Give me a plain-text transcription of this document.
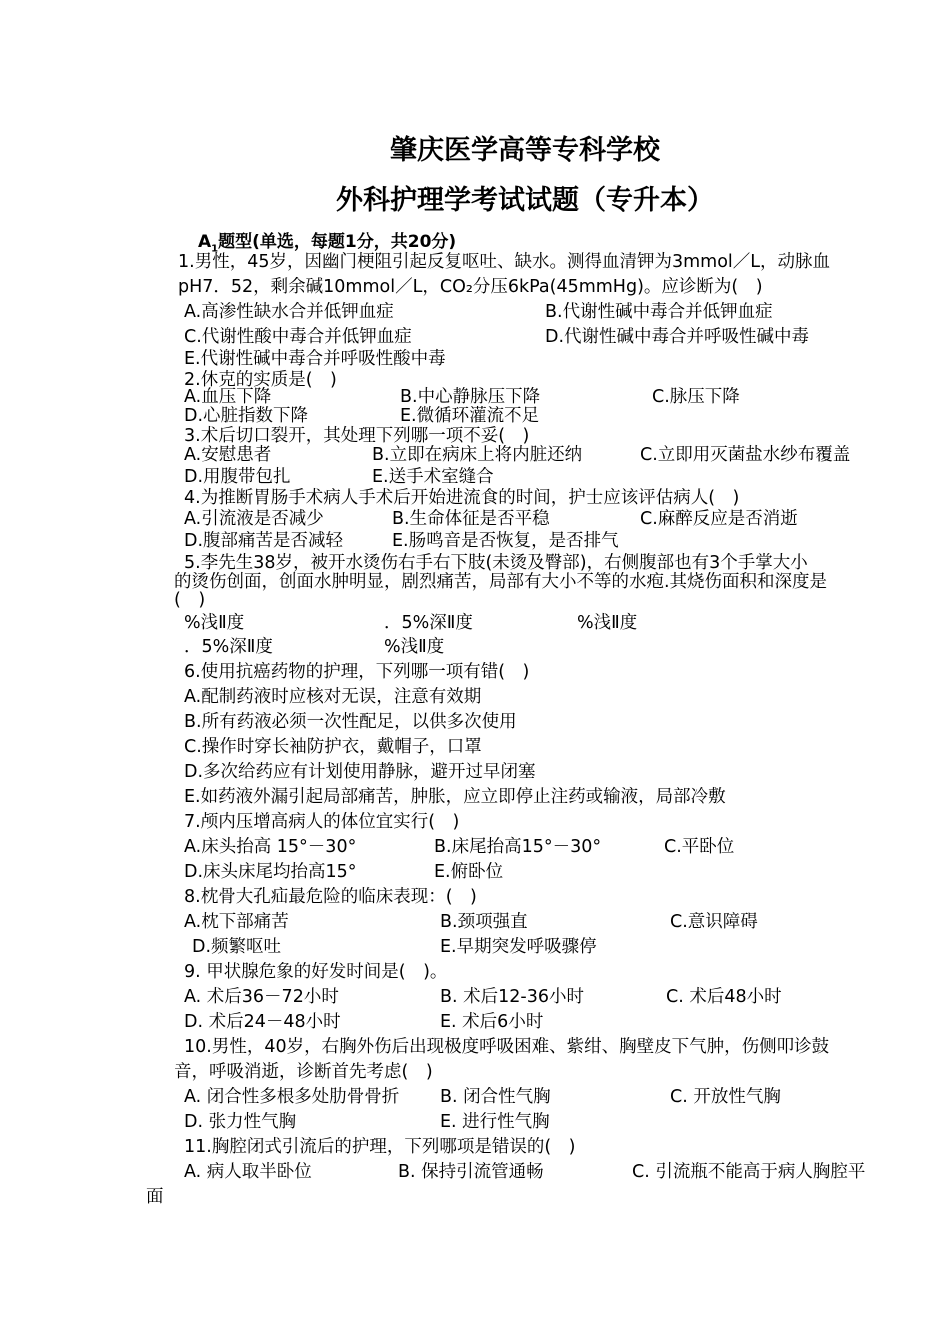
肇庆医学高等专科学校
外科护理学考试试题（专升本）
$A_1$题型(单选，每题1分，共20分)
1.男性，45岁，因幽门梗阻引起反复呕吐、缺水。测得血清钾为3mmol／L，动脉血
pH7．52，剩余碱10mmol／L，CO₂分压6kPa(45mmHg)。应诊断为(　)
A.高渗性缺水合并低钾血症	B.代谢性碱中毒合并低钾血症
C.代谢性酸中毒合并低钾血症	D.代谢性碱中毒合并呼吸性碱中毒
E.代谢性碱中毒合并呼吸性酸中毒
2.休克的实质是(　)
A.血压下降	B.中心静脉压下降	C.脉压下降
D.心脏指数下降	E.微循环灌流不足
3.术后切口裂开，其处理下列哪一项不妥(　)
A.安慰患者	B.立即在病床上将内脏还纳	C.立即用灭菌盐水纱布覆盖
D.用腹带包扎	E.送手术室缝合
4.为推断胃肠手术病人手术后开始进流食的时间，护士应该评估病人(　)
A.引流液是否减少	B.生命体征是否平稳	C.麻醉反应是否消逝
D.腹部痛苦是否减轻	E.肠鸣音是否恢复，是否排气
5.李先生38岁，被开水烫伤右手右下肢(未烫及臀部)，右侧腹部也有3个手掌大小
的烫伤创面，创面水肿明显，剧烈痛苦，局部有大小不等的水疱.其烧伤面积和深度是
(　)
%浅Ⅱ度	．5%深Ⅱ度	%浅Ⅱ度
．5%深Ⅱ度	%浅Ⅱ度
6.使用抗癌药物的护理，下列哪一项有错(　)
A.配制药液时应核对无误，注意有效期
B.所有药液必须一次性配足，以供多次使用
C.操作时穿长袖防护衣，戴帽子，口罩
D.多次给药应有计划使用静脉，避开过早闭塞
E.如药液外漏引起局部痛苦，肿胀，应立即停止注药或输液，局部冷敷
7.颅内压增高病人的体位宜实行(　)
A.床头抬高 15°－30°	B.床尾抬高15°－30°	C.平卧位
D.床头床尾均抬高15°	E.俯卧位
8.枕骨大孔疝最危险的临床表现：(　)
A.枕下部痛苦	B.颈项强直	C.意识障碍
D.频繁呕吐	E.早期突发呼吸骤停
9. 甲状腺危象的好发时间是(　)。
A. 术后36－72小时	B. 术后12-36小时	C. 术后48小时
D. 术后24－48小时	E. 术后6小时
10.男性，40岁，右胸外伤后出现极度呼吸困难、紫绀、胸壁皮下气肿，伤侧叩诊鼓
音，呼吸消逝，诊断首先考虑(　)
A. 闭合性多根多处肋骨骨折 B. 闭合性气胸	C. 开放性气胸
D. 张力性气胸	E. 进行性气胸
11.胸腔闭式引流后的护理，下列哪项是错误的(　)
A. 病人取半卧位	B. 保持引流管通畅	C. 引流瓶不能高于病人胸腔平
面
